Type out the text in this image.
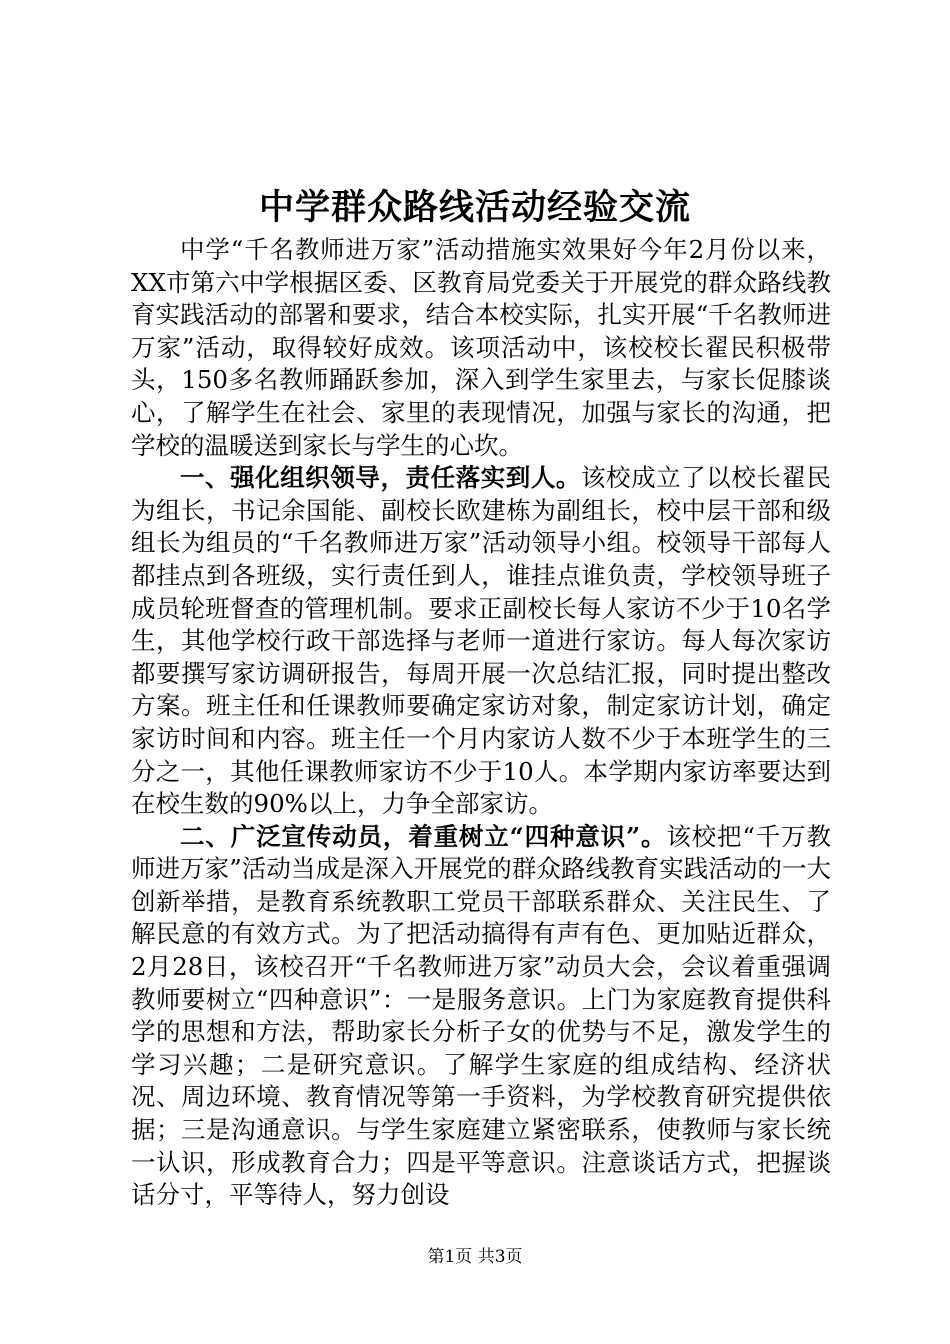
中学群众路线活动经验交流

中学“千名教师进万家”活动措施实效果好今年2月份以来，XX市第六中学根据区委、区教育局党委关于开展党的群众路线教育实践活动的部署和要求，结合本校实际，扎实开展“千名教师进万家”活动，取得较好成效。该项活动中，该校校长翟民积极带头，150多名教师踊跃参加，深入到学生家里去，与家长促膝谈心，了解学生在社会、家里的表现情况，加强与家长的沟通，把学校的温暖送到家长与学生的心坎。

一、强化组织领导，责任落实到人。该校成立了以校长翟民为组长，书记余国能、副校长欧建栋为副组长，校中层干部和级组长为组员的“千名教师进万家”活动领导小组。校领导干部每人都挂点到各班级，实行责任到人，谁挂点谁负责，学校领导班子成员轮班督查的管理机制。要求正副校长每人家访不少于10名学生，其他学校行政干部选择与老师一道进行家访。每人每次家访都要撰写家访调研报告，每周开展一次总结汇报，同时提出整改方案。班主任和任课教师要确定家访对象，制定家访计划，确定家访时间和内容。班主任一个月内家访人数不少于本班学生的三分之一，其他任课教师家访不少于10人。本学期内家访率要达到在校生数的90%以上，力争全部家访。

二、广泛宣传动员，着重树立“四种意识”。该校把“千万教师进万家”活动当成是深入开展党的群众路线教育实践活动的一大创新举措，是教育系统教职工党员干部联系群众、关注民生、了解民意的有效方式。为了把活动搞得有声有色、更加贴近群众，2月28日，该校召开“千名教师进万家”动员大会，会议着重强调教师要树立“四种意识”：一是服务意识。上门为家庭教育提供科学的思想和方法，帮助家长分析子女的优势与不足，激发学生的学习兴趣；二是研究意识。了解学生家庭的组成结构、经济状况、周边环境、教育情况等第一手资料，为学校教育研究提供依据；三是沟通意识。与学生家庭建立紧密联系，使教师与家长统一认识，形成教育合力；四是平等意识。注意谈话方式，把握谈话分寸，平等待人，努力创设

第1页 共3页
